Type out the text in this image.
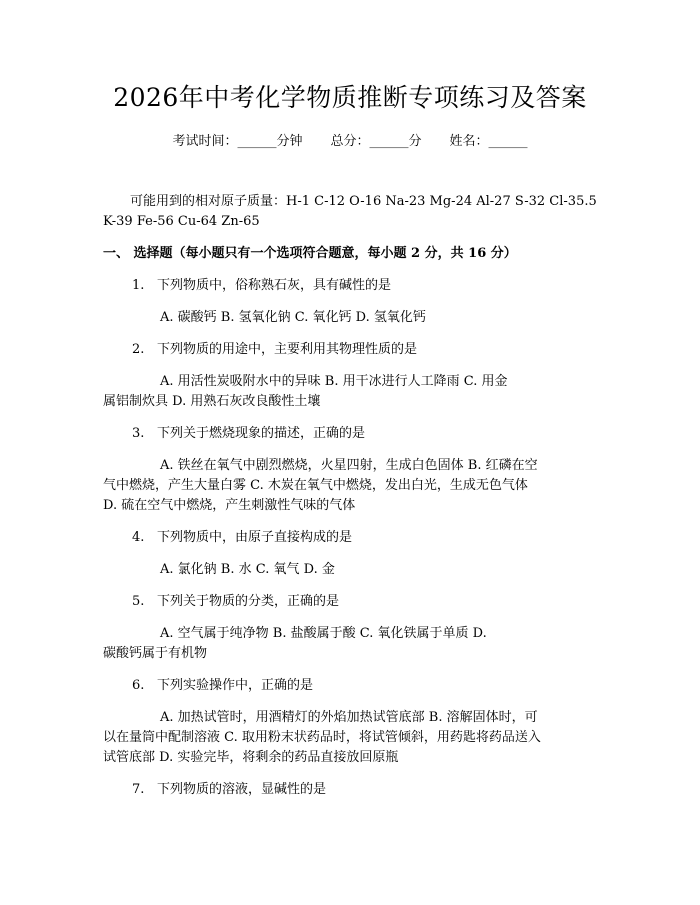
2026年中考化学物质推断专项练习及答案
考试时间：______分钟 总分：______分 姓名：______
可能用到的相对原子质量：H-1 C-12 O-16 Na-23 Mg-24 Al-27 S-32 Cl-35.5
K-39 Fe-56 Cu-64 Zn-65
一、 选择题（每小题只有一个选项符合题意，每小题 2 分，共 16 分）
1. 下列物质中，俗称熟石灰，具有碱性的是
A. 碳酸钙 B. 氢氧化钠 C. 氧化钙 D. 氢氧化钙
2. 下列物质的用途中，主要利用其物理性质的是
A. 用活性炭吸附水中的异味 B. 用干冰进行人工降雨 C. 用金
属铝制炊具 D. 用熟石灰改良酸性土壤
3. 下列关于燃烧现象的描述，正确的是
A. 铁丝在氧气中剧烈燃烧，火星四射，生成白色固体 B. 红磷在空
气中燃烧，产生大量白雾 C. 木炭在氧气中燃烧，发出白光，生成无色气体
D. 硫在空气中燃烧，产生刺激性气味的气体
4. 下列物质中，由原子直接构成的是
A. 氯化钠 B. 水 C. 氧气 D. 金
5. 下列关于物质的分类，正确的是
A. 空气属于纯净物 B. 盐酸属于酸 C. 氧化铁属于单质 D.
碳酸钙属于有机物
6. 下列实验操作中，正确的是
A. 加热试管时，用酒精灯的外焰加热试管底部 B. 溶解固体时，可
以在量筒中配制溶液 C. 取用粉末状药品时，将试管倾斜，用药匙将药品送入
试管底部 D. 实验完毕，将剩余的药品直接放回原瓶
7. 下列物质的溶液，显碱性的是
